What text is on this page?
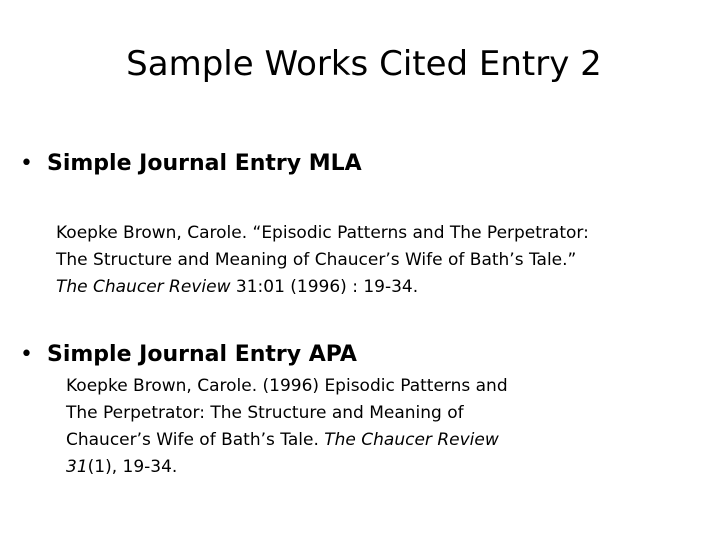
Sample Works Cited Entry 2
• Simple Journal Entry MLA
Koepke Brown, Carole. “Episodic Patterns and The Perpetrator:
The Structure and Meaning of Chaucer’s Wife of Bath’s Tale.”
The Chaucer Review 31:01 (1996) : 19-34.
• Simple Journal Entry APA
Koepke Brown, Carole. (1996) Episodic Patterns and
The Perpetrator: The Structure and Meaning of
Chaucer’s Wife of Bath’s Tale. The Chaucer Review
31(1), 19-34.
